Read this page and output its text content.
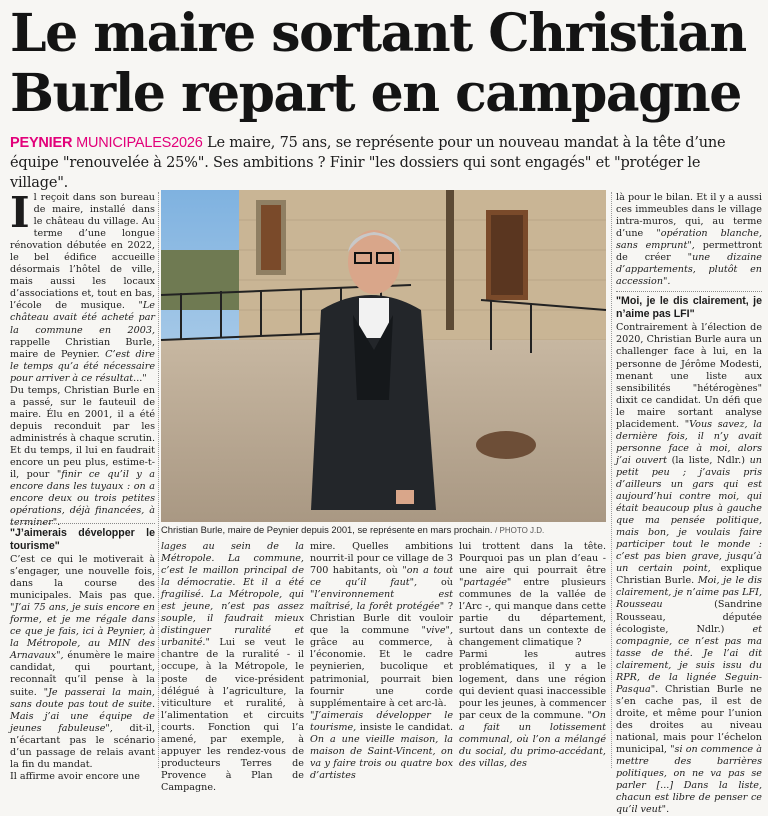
Le maire sortant Christian Burle repart en campagne
PEYNIER MUNICIPALES2026 Le maire, 75 ans, se représente pour un nouveau mandat à la tête d’une équipe "renouvelée à 25%". Ses ambitions ? Finir "les dossiers qui sont engagés" et "protéger le village".
I l reçoit dans son bureau de maire, installé dans le château du village. Au terme d’une longue rénovation débutée en 2022, le bel édifice accueille désormais l’hôtel de ville, mais aussi les locaux d’associations et, tout en bas, l’école de musique. "Le château avait été acheté par la commune en 2003, rappelle Christian Burle, maire de Peynier. C’est dire le temps qu’a été nécessaire pour arriver à ce résultat..."

Du temps, Christian Burle en a passé, sur le fauteuil de maire. Élu en 2001, il a été depuis reconduit par les administrés à chaque scrutin. Et du temps, il lui en faudrait encore un peu plus, estime-t-il, pour "finir ce qu’il y a encore dans les tuyaux : on a encore deux ou trois petites opérations, déjà financées, à terminer".

"J’aimerais développer le tourisme"
C’est ce qui le motiverait à s’engager, une nouvelle fois, dans la course des municipales. Mais pas que. "J’ai 75 ans, je suis encore en forme, et je me régale dans ce que je fais, ici à Peynier, à la Métropole, au MIN des Arnavaux", énumère le maire candidat, qui pourtant, reconnaît qu’il pense à la suite. "Je passerai la main, sans doute pas tout de suite. Mais j’ai une équipe de jeunes fabuleuse", dit-il, n’écartant pas le scénario d’un passage de relais avant la fin du mandat.

Il affirme avoir encore une

Christian Burle, maire de Peynier depuis 2001, se représente en mars prochain. / PHOTO J.D.
lages au sein de la Métropole. La commune, c’est le maillon principal de la démocratie. Et il a été fragilisé. La Métropole, qui est jeune, n’est pas assez souple, il faudrait mieux distinguer ruralité et urbanité." Lui se veut le chantre de la ruralité - il occupe, à la Métropole, le poste de vice-président délégué à l’agriculture, la viticulture et ruralité, à l’alimentation et circuits courts. Fonction qui l’a amené, par exemple, à appuyer les rendez-vous de producteurs Terres de Provence à Plan de Campagne.
mire. Quelles ambitions nourrit-il pour ce village de 3 700 habitants, où "on a tout ce qu’il faut", où "l’environnement est maîtrisé, la forêt protégée" ? Christian Burle dit vouloir que la commune "vive", grâce au commerce, à l’économie. Et le cadre peynierien, bucolique et patrimonial, pourrait bien fournir une corde supplémentaire à cet arc-là.

"J’aimerais développer le tourisme, insiste le candidat. On a une vieille maison, la maison de Saint-Vincent, on va y faire trois ou quatre box d’artistes

lui trottent dans la tête. Pourquoi pas un plan d’eau - une aire qui pourrait être "partagée" entre plusieurs communes de la vallée de l’Arc -, qui manque dans cette partie du département, surtout dans un contexte de changement climatique ?

Parmi les autres problématiques, il y a le logement, dans une région qui devient quasi inaccessible pour les jeunes, à commencer par ceux de la commune. "On a fait un lotissement communal, où l’on a mélangé du social, du primo-accédant, des villas, des

là pour le bilan. Et il y a aussi ces immeubles dans le village intra-muros, qui, au terme d’une "opération blanche, sans emprunt", permettront de créer "une dizaine d’appartements, plutôt en accession".
"Moi, je le dis clairement, je n’aime pas LFI"
Contrairement à l’élection de 2020, Christian Burle aura un challenger face à lui, en la personne de Jérôme Modesti, menant une liste aux sensibilités "hétérogènes" dixit ce candidat. Un défi que le maire sortant analyse placidement. "Vous savez, la dernière fois, il n’y avait personne face à moi, alors j’ai ouvert (la liste, Ndlr.) un petit peu ; j’avais pris d’ailleurs un gars qui est aujourd’hui contre moi, qui était beaucoup plus à gauche que ma pensée politique, mais bon, je voulais faire participer tout le monde : c’est pas bien grave, jusqu’à un certain point, explique Christian Burle. Moi, je le dis clairement, je n’aime pas LFI, Rousseau	(Sandrine Rousseau, députée écologiste, Ndlr.)	et compagnie, ce n’est pas ma tasse de thé. Je l’ai dit clairement, je suis issu du RPR, de la lignée Seguin-Pasqua". Christian Burle ne s’en cache pas, il est de droite, et même pour l’union des droites au niveau national, mais pour l’échelon municipal, "si on commence à mettre des barrières politiques, on ne va pas se parler [...] Dans la liste, chacun est libre de penser ce qu’il veut".
